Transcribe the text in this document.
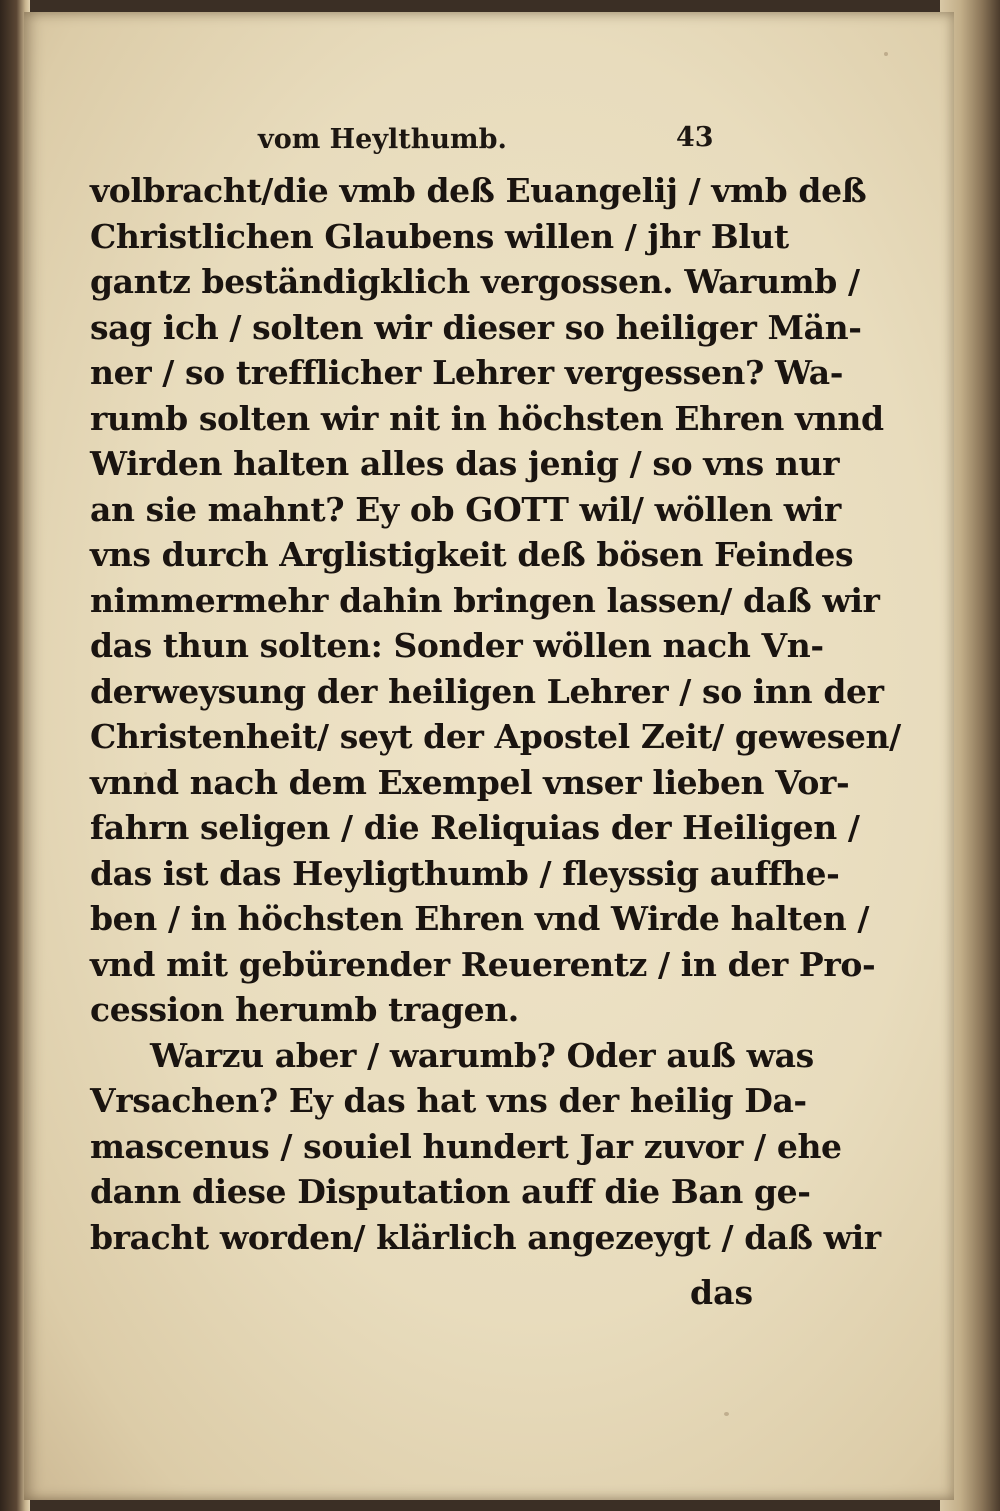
vom Heylthumb.	43
volbracht/die vmb deß Euangelij / vmb deß
Christlichen Glaubens willen / jhr Blut
gantz beständigklich vergossen. Warumb /
sag ich / solten wir dieser so heiliger Män-
ner / so trefflicher Lehrer vergessen? Wa-
rumb solten wir nit in höchsten Ehren vnnd
Wirden halten alles das jenig / so vns nur
an sie mahnt? Ey ob GOTT wil/ wöllen wir
vns durch Arglistigkeit deß bösen Feindes
nimmermehr dahin bringen lassen/ daß wir
das thun solten: Sonder wöllen nach Vn-
derweysung der heiligen Lehrer / so inn der
Christenheit/ seyt der Apostel Zeit/ gewesen/
vnnd nach dem Exempel vnser lieben Vor-
fahrn seligen / die Reliquias der Heiligen /
das ist das Heyligthumb / fleyssig auffhe-
ben / in höchsten Ehren vnd Wirde halten /
vnd mit gebürender Reuerentz / in der Pro-
cession herumb tragen.
Warzu aber / warumb? Oder auß was
Vrsachen? Ey das hat vns der heilig Da-
mascenus / souiel hundert Jar zuvor / ehe
dann diese Disputation auff die Ban ge-
bracht worden/ klärlich angezeygt / daß wir
das
